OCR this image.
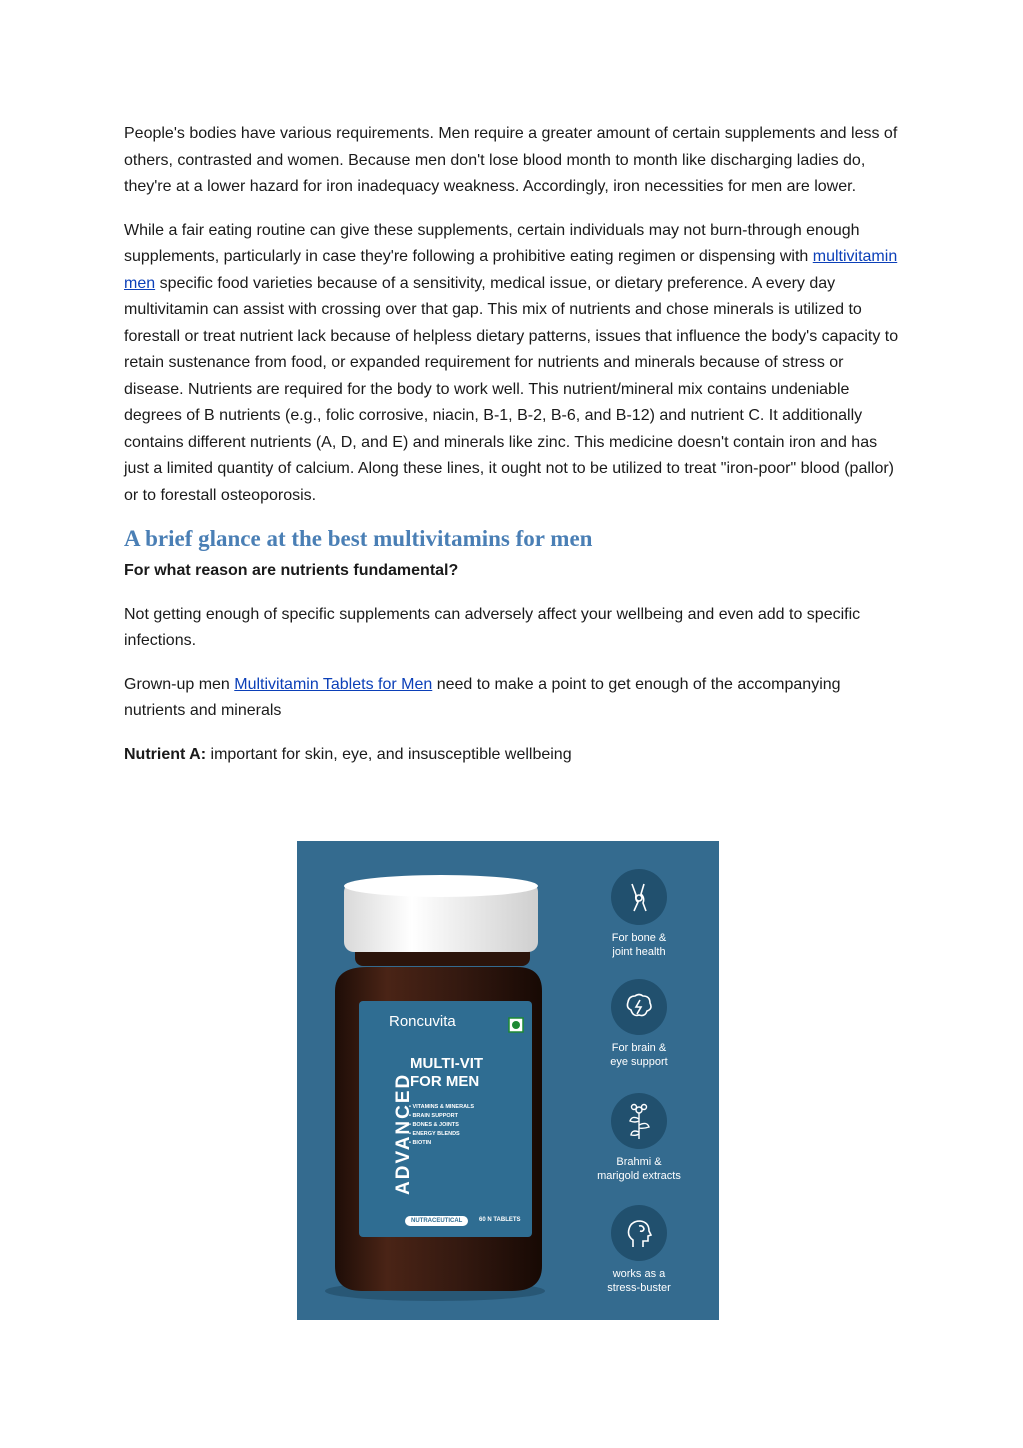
People's bodies have various requirements. Men require a greater amount of certain supplements and less of others, contrasted and women. Because men don't lose blood month to month like discharging ladies do, they're at a lower hazard for iron inadequacy weakness. Accordingly, iron necessities for men are lower.

While a fair eating routine can give these supplements, certain individuals may not burn-through enough supplements, particularly in case they're following a prohibitive eating regimen or dispensing with multivitamin men specific food varieties because of a sensitivity, medical issue, or dietary preference. A every day multivitamin can assist with crossing over that gap. This mix of nutrients and chose minerals is utilized to forestall or treat nutrient lack because of helpless dietary patterns, issues that influence the body's capacity to retain sustenance from food, or expanded requirement for nutrients and minerals because of stress or disease. Nutrients are required for the body to work well. This nutrient/mineral mix contains undeniable degrees of B nutrients (e.g., folic corrosive, niacin, B-1, B-2, B-6, and B-12) and nutrient C. It additionally contains different nutrients (A, D, and E) and minerals like zinc. This medicine doesn't contain iron and has just a limited quantity of calcium. Along these lines, it ought not to be utilized to treat "iron-poor" blood (pallor) or to forestall osteoporosis.

A brief glance at the best multivitamins for men

For what reason are nutrients fundamental?

Not getting enough of specific supplements can adversely affect your wellbeing and even add to specific infections.

Grown-up men Multivitamin Tablets for Men need to make a point to get enough of the accompanying nutrients and minerals

Nutrient A: important for skin, eye, and insusceptible wellbeing

Rоncuvita
ADVANCED
MULTI-VIT
FOR MEN
• VITAMINS & MINERALS
• BRAIN SUPPORT
• BONES & JOINTS
• ENERGY BLENDS
• BIOTIN
NUTRACEUTICAL	60 N TABLETS
For bone &
joint health
For brain &
eye support
Brahmi &
marigold extracts
works as a
stress-buster
